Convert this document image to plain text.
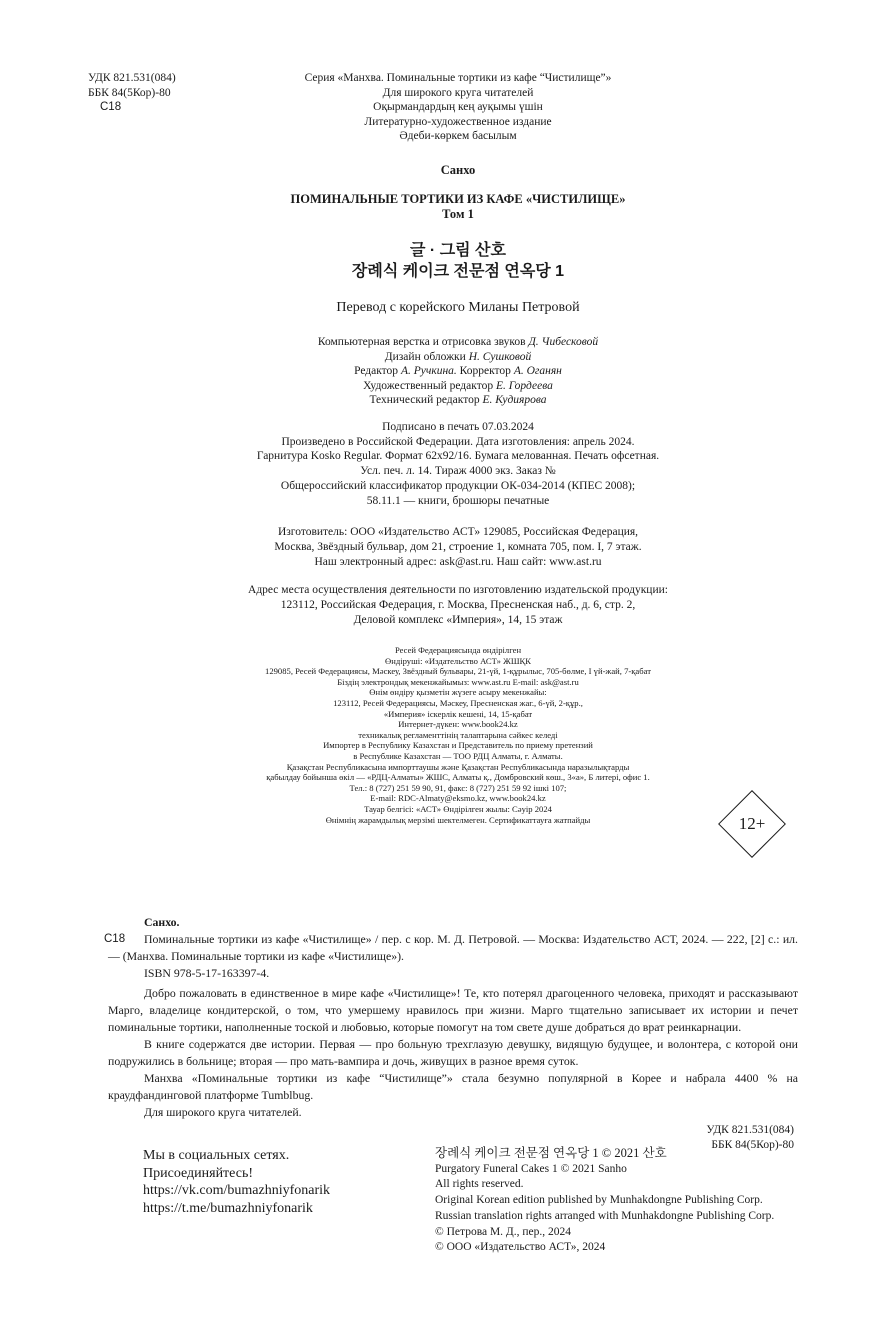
УДК 821.531(084)
ББК 84(5Кор)-80
С18
Серия «Манхва. Поминальные тортики из кафе “Чистилище”»
Для широкого круга читателей
Оқырмандардың кең ауқымы үшін
Литературно-художественное издание
Әдеби-көркем басылым
Санхо
ПОМИНАЛЬНЫЕ ТОРТИКИ ИЗ КАФЕ «ЧИСТИЛИЩЕ»
Том 1
글 · 그림 산호
장례식 케이크 전문점 연옥당 1
Перевод с корейского Миланы Петровой
Компьютерная верстка и отрисовка звуков Д. Чибесковой
Дизайн обложки Н. Сушковой
Редактор А. Ручкина. Корректор А. Оганян
Художественный редактор Е. Гордеева
Технический редактор Е. Кудиярова
Подписано в печать 07.03.2024
Произведено в Российской Федерации. Дата изготовления: апрель 2024.
Гарнитура Kosko Regular. Формат 62х92/16. Бумага мелованная. Печать офсетная.
Усл. печ. л. 14. Тираж 4000 экз. Заказ №
Общероссийский классификатор продукции ОК-034-2014 (КПЕС 2008);
58.11.1 — книги, брошюры печатные
Изготовитель: ООО «Издательство АСТ» 129085, Российская Федерация,
Москва, Звёздный бульвар, дом 21, строение 1, комната 705, пом. I, 7 этаж.
Наш электронный адрес: ask@ast.ru. Наш сайт: www.ast.ru
Адрес места осуществления деятельности по изготовлению издательской продукции:
123112, Российская Федерация, г. Москва, Пресненская наб., д. 6, стр. 2,
Деловой комплекс «Империя», 14, 15 этаж
Ресей Федерациясында өндірілген
Өндіруші: «Издательство АСТ» ЖШҚК
129085, Ресей Федерациясы, Мәскеу, Звёздный бульвары, 21-үй, 1-құрылыс, 705-бөлме, I үй-жай, 7-қабат
Біздің электрондық мекенжайымыз: www.ast.ru E-mail: ask@ast.ru
Өнім өндіру қызметін жүзеге асыру мекенжайы:
123112, Ресей Федерациясы, Мәскеу, Пресненская жаг., 6-үй, 2-құр.,
«Империя» іскерлік кешені, 14, 15-қабат
Интернет-дүкен: www.book24.kz
техникалық регламенттінің талаптарына сәйкес келеді
Импортер в Республику Казахстан и Представитель по приему претензий
в Республике Казахстан — ТОО РДЦ Алматы, г. Алматы.
Қазақстан Республикасына импорттаушы және Қазақстан Республикасында наразылықтарды
қабылдау бойынша өкіл — «РДЦ-Алматы» ЖШС, Алматы қ., Домбровский көш., 3«а», Б литері, офис 1.
Тел.: 8 (727) 251 59 90, 91, факс: 8 (727) 251 59 92 ішкі 107;
E-mail: RDC-Almaty@eksmo.kz, www.book24.kz
Тауар белгісі: «АСТ» Өндірілген жылы: Сәуір 2024
Өнімнің жарамдылық мерзімі шектелмеген. Сертификаттауға жатпайды	12+

Санхо.

С18	Поминальные тортики из кафе «Чистилище» / пер. с кор. М. Д. Петровой. — Москва: Издательство АСТ, 2024. — 222, [2] с.: ил. — (Манхва. Поминальные тортики из кафе «Чистилище»).

ISBN 978-5-17-163397-4.

Добро пожаловать в единственное в мире кафе «Чистилище»! Те, кто потерял драгоценного человека, приходят и рассказывают Марго, владелице кондитерской, о том, что умершему нравилось при жизни. Марго тщательно записывает их истории и печет поминальные тортики, наполненные тоской и любовью, которые помогут на том свете душе добраться до врат реинкарнации.

В книге содержатся две истории. Первая — про больную трехглазую девушку, видящую будущее, и волонтера, с которой они подружились в больнице; вторая — про мать-вампира и дочь, живущих в разное время суток.

Манхва «Поминальные тортики из кафе “Чистилище”» стала безумно популярной в Корее и набрала 4400 % на краудфандинговой платформе Tumblbug.

Для широкого круга читателей.

УДК 821.531(084)
ББК 84(5Кор)-80
Мы в социальных сетях.
Присоединяйтесь!
https://vk.com/bumazhniyfonarik
https://t.me/bumazhniyfonarik
장례식 케이크 전문점 연옥당 1 © 2021 산호
Purgatory Funeral Cakes 1 © 2021 Sanho
All rights reserved.
Original Korean edition published by Munhakdongne Publishing Corp.
Russian translation rights arranged with Munhakdongne Publishing Corp.
© Петрова М. Д., пер., 2024
© ООО «Издательство АСТ», 2024
